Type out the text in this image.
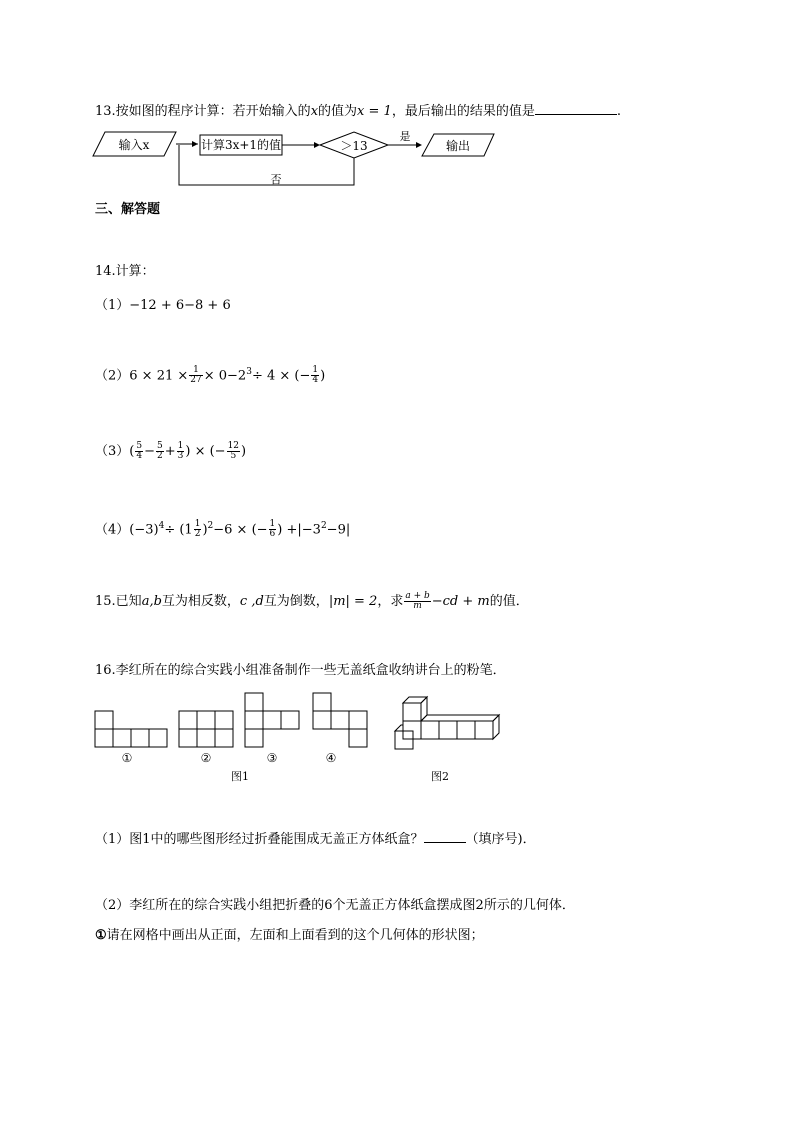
13.按如图的程序计算：若开始输入的x的值为x = 1，最后输出的结果的值是	.
输入x	计算3x+1的值	＞13
是
输出
否
三、解答题
14.计算：
（1）−12 + 6−8 + 6
$(2)6 \times 21 \times \frac{1}{27} \times 0-2^3\div 4$ × (− $\frac{1}{4}$ )
$(3)( \frac{5}{4} - \frac{5}{2} + \frac{1}{3}$ ) × (− $\frac{12}{5}$ )
$(4)(-3)^4\div (1 \frac{1}{2} )^2-6$ × (− $\frac{1}{6}$ ) $+|-3^2-9|$
15.已知a,b互为相反数，c ,d互为倒数，|m| = 2，求 $\frac{a + b}{m} -cd + m$的值．
16.李红所在的综合实践小组准备制作一些无盖纸盒收纳讲台上的粉笔．
①	②	③	④
图1	图2
（1）图1中的哪些图形经过折叠能围成无盖正方体纸盒？	（填序号)．
（2）李红所在的综合实践小组把折叠的6个无盖正方体纸盒摆成图2所示的几何体．
①请在网格中画出从正面，左面和上面看到的这个几何体的形状图；
